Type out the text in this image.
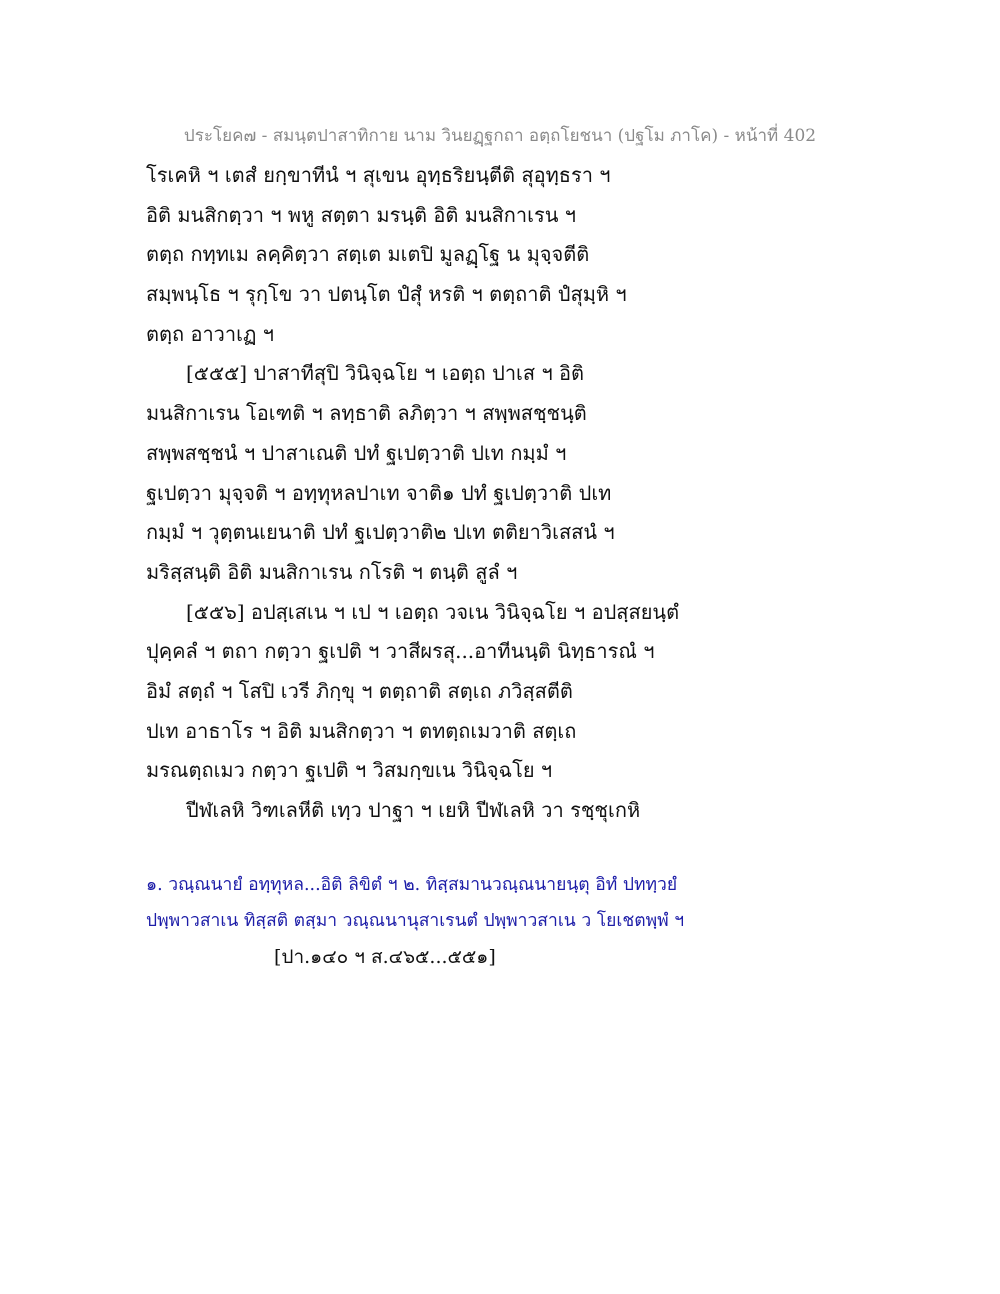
ประโยค๗ - สมนฺตปาสาทิกาย นาม วินยฏฺฐกถา อตฺถโยชนา (ปฐโม ภาโค) - หน้าที่ 402
โรเคหิ ฯ เตสํ ยกฺขาทีนํ ฯ สุเขน อุทฺธริยนฺตีติ สุอุทฺธรา ฯ
อิติ มนสิกตฺวา ฯ พหู สตฺตา มรนฺติ อิติ มนสิกาเรน ฯ
ตตฺถ กทฺทเม ลคฺคิตฺวา สตฺเต มเตปิ มูลฏฺโฐ น มุจฺจตีติ
สมฺพนฺโธ ฯ รุกฺโข วา ปตนฺโต ปํสุํ หรติ ฯ ตตฺถาติ ปํสุมฺหิ ฯ
ตตฺถ อาวาเฏ ฯ
[๕๕๕] ปาสาทีสุปิ วินิจฺฉโย ฯ เอตฺถ ปาเส ฯ อิติ
มนสิกาเรน โอเฑติ ฯ ลทฺธาติ ลภิตฺวา ฯ สพฺพสชฺชนฺติ
สพฺพสชฺชนํ ฯ ปาสาเณติ ปทํ ฐเปตฺวาติ ปเท กมฺมํ ฯ
ฐเปตฺวา มุจฺจติ ฯ อทฺทุหลปาเท จาติ๑ ปทํ ฐเปตฺวาติ ปเท
กมฺมํ ฯ วุตฺตนเยนาติ ปทํ ฐเปตฺวาติ๒ ปเท ตติยาวิเสสนํ ฯ
มริสฺสนฺติ อิติ มนสิกาเรน กโรติ ฯ ตนฺติ สูลํ ฯ
[๕๕๖] อปสฺเสเน ฯ เป ฯ เอตฺถ วจเน วินิจฺฉโย ฯ อปสฺสยนฺตํ
ปุคฺคลํ ฯ ตถา กตฺวา ฐเปติ ฯ วาสีผรสุ...อาทีนนฺติ นิทฺธารณํ ฯ
อิมํ สตฺถํ ฯ โสปิ เวรี ภิกฺขุ ฯ ตตฺถาติ สตฺเถ ภวิสฺสตีติ
ปเท อาธาโร ฯ อิติ มนสิกตฺวา ฯ ตทตฺถเมวาติ สตฺเถ
มรณตฺถเมว กตฺวา ฐเปติ ฯ วิสมกฺขเน วินิจฺฉโย ฯ
ปีฬเลหิ วิฑเลหีติ เทฺว ปาฐา ฯ เยหิ ปีฬเลหิ วา รชฺชุเกหิ
๑. วณฺณนายํ อทฺทุหล...อิติ ลิขิตํ ฯ ๒. ทิสฺสมานวณฺณนายนฺตุ อิทํ ปททฺวยํ
ปพฺพาวสาเน ทิสฺสติ ตสฺมา วณฺณนานุสาเรนตํ ปพฺพาวสาเน ว โยเชตพฺพํ ฯ
[ปา.๑๔๐ ฯ ส.๔๖๕...๕๕๑]
